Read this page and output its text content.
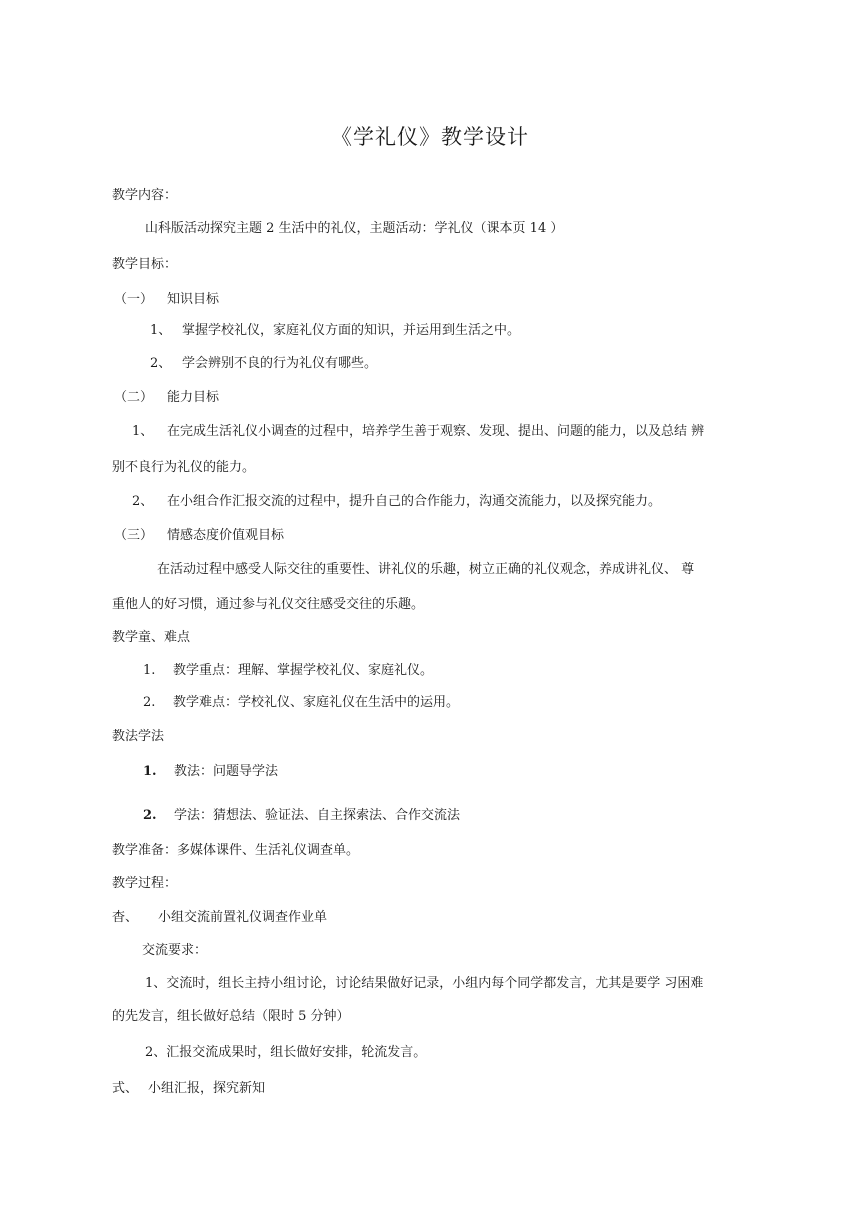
《学礼仪》教学设计
教学内容：
山科版活动探究主题 2 生活中的礼仪，主题活动：学礼仪（课本页 14 ）
教学目标：
（一） 知识目标
1、 掌握学校礼仪，家庭礼仪方面的知识，并运用到生活之中。
2、 学会辨别不良的行为礼仪有哪些。
（二） 能力目标
1、 在完成生活礼仪小调查的过程中，培养学生善于观察、发现、提出、问题的能力，以及总结 辨
别不良行为礼仪的能力。
2、 在小组合作汇报交流的过程中，提升自己的合作能力，沟通交流能力，以及探究能力。
（三） 情感态度价值观目标
在活动过程中感受人际交往的重要性、讲礼仪的乐趣，树立正确的礼仪观念，养成讲礼仪、 尊
重他人的好习惯，通过参与礼仪交往感受交往的乐趣。
教学童、难点
1. 教学重点：理解、掌握学校礼仪、家庭礼仪。
2. 教学难点：学校礼仪、家庭礼仪在生活中的运用。
教法学法
1. 教法：问题导学法
2. 学法：猜想法、验证法、自主探索法、合作交流法
教学准备：多媒体课件、生活礼仪调查单。
教学过程：
杳、 小组交流前置礼仪调查作业单
交流要求：
1、交流时，组长主持小组讨论，讨论结果做好记录，小组内每个同学都发言，尤其是要学 习困难
的先发言，组长做好总结（限时 5 分钟）
2、汇报交流成果时，组长做好安排，轮流发言。
式、 小组汇报，探究新知
